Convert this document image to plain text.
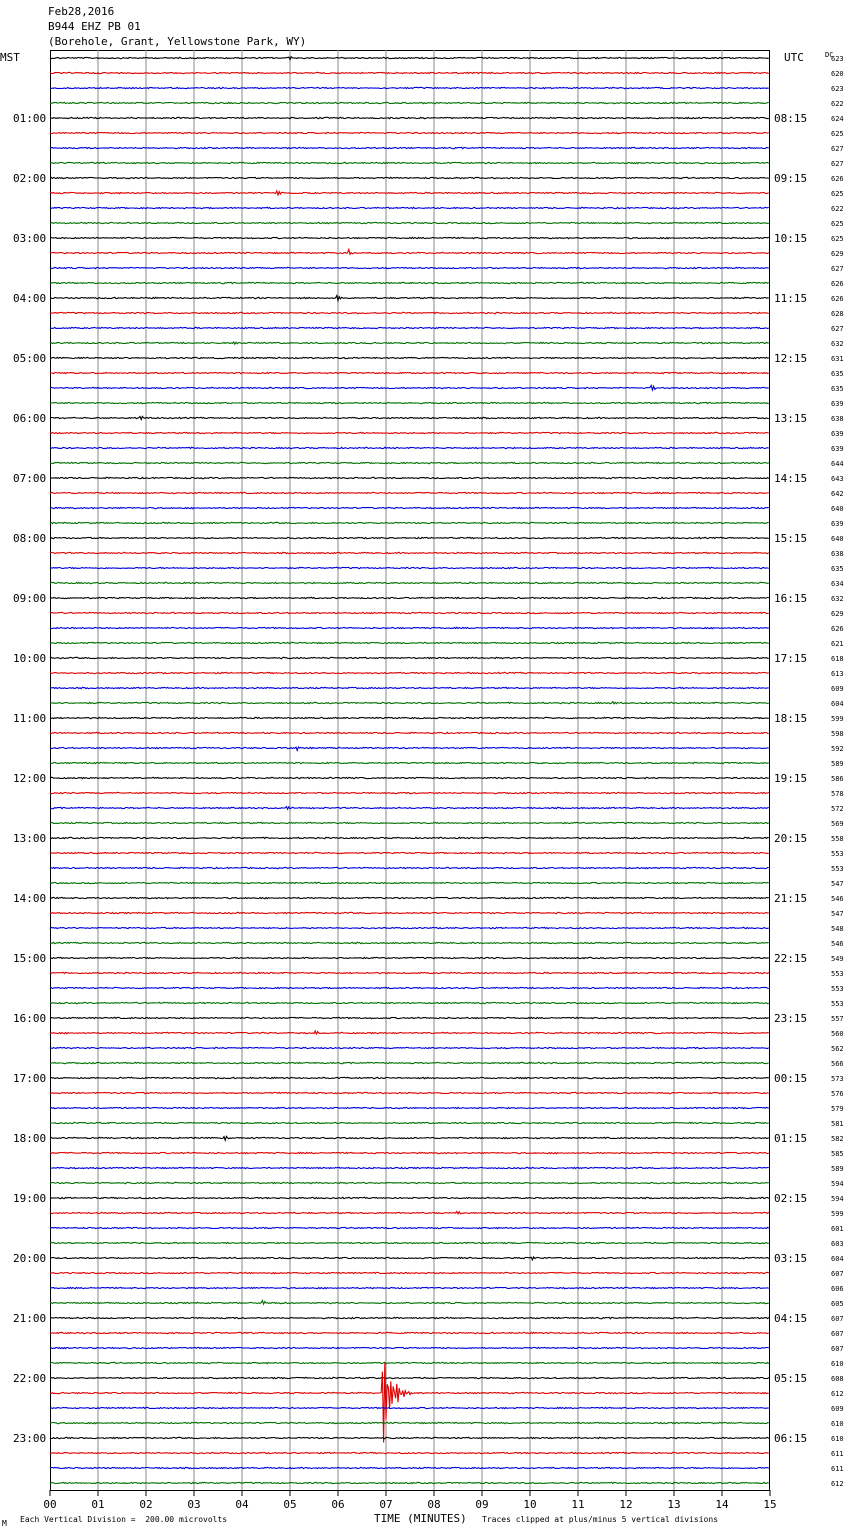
01:00	08:15
02:00	09:15
03:00	10:15
04:00	11:15
05:00	12:15
06:00	13:15
07:00	14:15
08:00	15:15
09:00	16:15
10:00	17:15
11:00	18:15
12:00	19:15
13:00	20:15
14:00	21:15
15:00	22:15
16:00	23:15
17:00	00:15
18:00	01:15
19:00	02:15
20:00	03:15
21:00	04:15
22:00	05:15
23:00	06:15
623
620
623
622
624
625
627
627
626
625
622
625
625
629
627
626
626
628
627
632
631
635
635
639
638
639
639
644
643
642
640
639
640
638
635
634
632
629
626
621
618
613
609
604
599
598
592
589
586
578
572
569
558
553
553
547
546
547
548
546
549
553
553
553
557
560
562
566
573
576
579
581
582
585
589
594
594
599
601
603
604
607
606
605
607
607
607
610
608
612
609
610
610
611
611
612
00	01	02	03	04	05	06	07	08	09	10	11	12	13	14	15
MST	UTC	DC
Feb28,2016
B944 EHZ PB 01
(Borehole, Grant, Yellowstone Park, WY)
M Each Vertical Division =  200.00 microvolts	TIME (MINUTES) Traces clipped at plus/minus 5 vertical divisions
